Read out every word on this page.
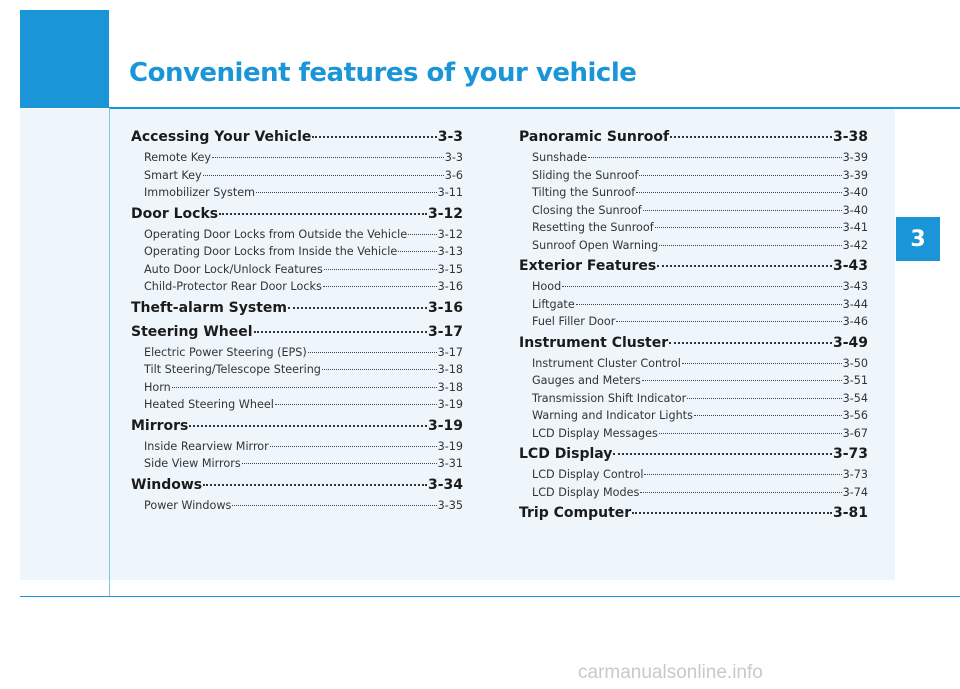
Convenient features of your vehicle
3
Accessing Your Vehicle	3-3
Remote Key	3-3
Smart Key	3-6
Immobilizer System	3-11
Door Locks	3-12
Operating Door Locks from Outside the Vehicle	3-12
Operating Door Locks from Inside the Vehicle	3-13
Auto Door Lock/Unlock Features	3-15
Child-Protector Rear Door Locks	3-16
Theft-alarm System	3-16
Steering Wheel	3-17
Electric Power Steering (EPS)	3-17
Tilt Steering/Telescope Steering	3-18
Horn	3-18
Heated Steering Wheel	3-19
Mirrors	3-19
Inside Rearview Mirror	3-19
Side View Mirrors	3-31
Windows	3-34
Power Windows	3-35
Panoramic Sunroof	3-38
Sunshade	3-39
Sliding the Sunroof	3-39
Tilting the Sunroof	3-40
Closing the Sunroof	3-40
Resetting the Sunroof	3-41
Sunroof Open Warning	3-42
Exterior Features	3-43
Hood	3-43
Liftgate	3-44
Fuel Filler Door	3-46
Instrument Cluster	3-49
Instrument Cluster Control	3-50
Gauges and Meters	3-51
Transmission Shift Indicator	3-54
Warning and Indicator Lights	3-56
LCD Display Messages	3-67
LCD Display	3-73
LCD Display Control	3-73
LCD Display Modes	3-74
Trip Computer	3-81
carmanualsonline.info
